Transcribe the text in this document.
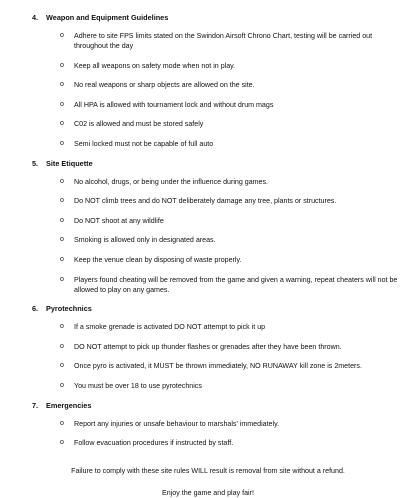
4.	Weapon and Equipment Guidelines
o	Adhere to site FPS limits stated on the Swindon Airsoft Chrono Chart, testing will be carried out throughout the day
o	Keep all weapons on safety mode when not in play.
o	No real weapons or sharp objects are allowed on the site.
o	All HPA is allowed with tournament lock and without drum mags
o	C02 is allowed and must be stored safely
o	Semi locked must not be capable of full auto
5.	Site Etiquette
o	No alcohol, drugs, or being under the influence during games.
o	Do NOT climb trees and do NOT deliberately damage any tree, plants or structures.
o	Do NOT shoot at any wildlife
o	Smoking is allowed only in designated areas.
o	Keep the venue clean by disposing of waste properly.
o	Players found cheating will be removed from the game and given a warning, repeat cheaters will not be allowed to play on any games.
6.	Pyrotechnics
o	If a smoke grenade is activated DO NOT attempt to pick it up
o	DO NOT attempt to pick up thunder flashes or grenades after they have been thrown.
o	Once pyro is activated, it MUST be thrown immediately, NO RUNAWAY kill zone is 2meters.
o	You must be over 18 to use pyrotechnics
7.	Emergencies
o	Report any injuries or unsafe behaviour to marshals' immediately.
o	Follow evacuation procedures if instructed by staff.
Failure to comply with these site rules WILL result is removal from site without a refund.
Enjoy the game and play fair!
